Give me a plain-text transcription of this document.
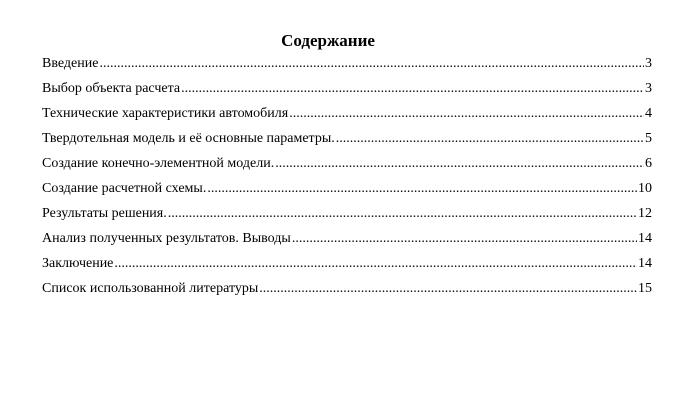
Содержание
Введение .....	3
Выбор объекта расчета .....	3
Технические характеристики автомобиля .....	4
Твердотельная модель и её основные параметры. .....	5
Создание конечно-элементной модели. .....	6
Создание расчетной схемы. .....	10
Результаты решения. .....	12
Анализ полученных результатов. Выводы .....	14
Заключение .....	14
Список использованной литературы .....	15
